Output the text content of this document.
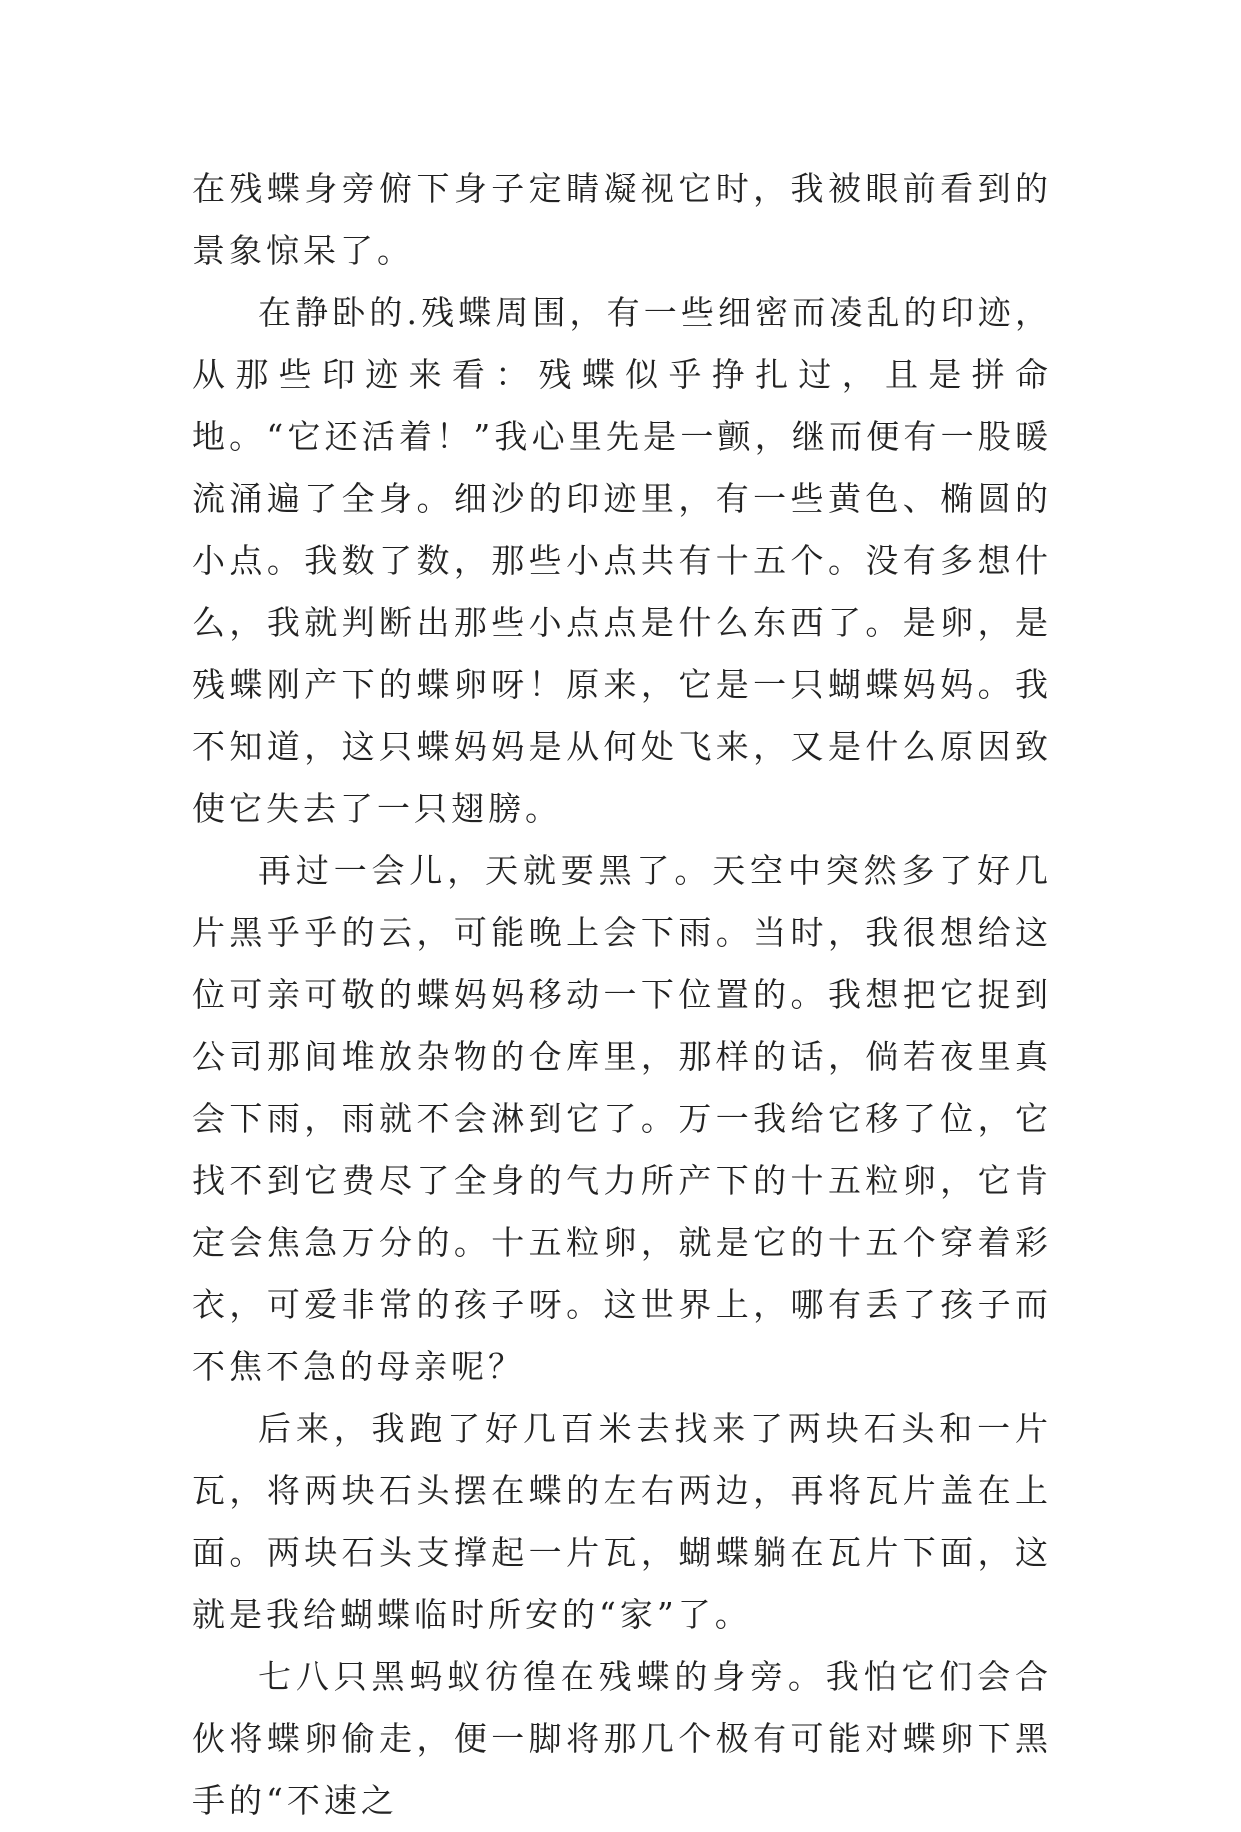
在残蝶身旁俯下身子定睛凝视它时，我被眼前看到的景象惊呆了。

在静卧的.残蝶周围，有一些细密而凌乱的印迹，从那些印迹来看：残蝶似乎挣扎过，且是拼命地。“它还活着！”我心里先是一颤，继而便有一股暖流涌遍了全身。细沙的印迹里，有一些黄色、椭圆的小点。我数了数，那些小点共有十五个。没有多想什么，我就判断出那些小点点是什么东西了。是卵，是残蝶刚产下的蝶卵呀！原来，它是一只蝴蝶妈妈。我不知道，这只蝶妈妈是从何处飞来，又是什么原因致使它失去了一只翅膀。

再过一会儿，天就要黑了。天空中突然多了好几片黑乎乎的云，可能晚上会下雨。当时，我很想给这位可亲可敬的蝶妈妈移动一下位置的。我想把它捉到公司那间堆放杂物的仓库里，那样的话，倘若夜里真会下雨，雨就不会淋到它了。万一我给它移了位，它找不到它费尽了全身的气力所产下的十五粒卵，它肯定会焦急万分的。十五粒卵，就是它的十五个穿着彩衣，可爱非常的孩子呀。这世界上，哪有丢了孩子而不焦不急的母亲呢？

后来，我跑了好几百米去找来了两块石头和一片瓦，将两块石头摆在蝶的左右两边，再将瓦片盖在上面。两块石头支撑起一片瓦，蝴蝶躺在瓦片下面，这就是我给蝴蝶临时所安的“家”了。

七八只黑蚂蚁彷徨在残蝶的身旁。我怕它们会合伙将蝶卵偷走，便一脚将那几个极有可能对蝶卵下黑手的“不速之
